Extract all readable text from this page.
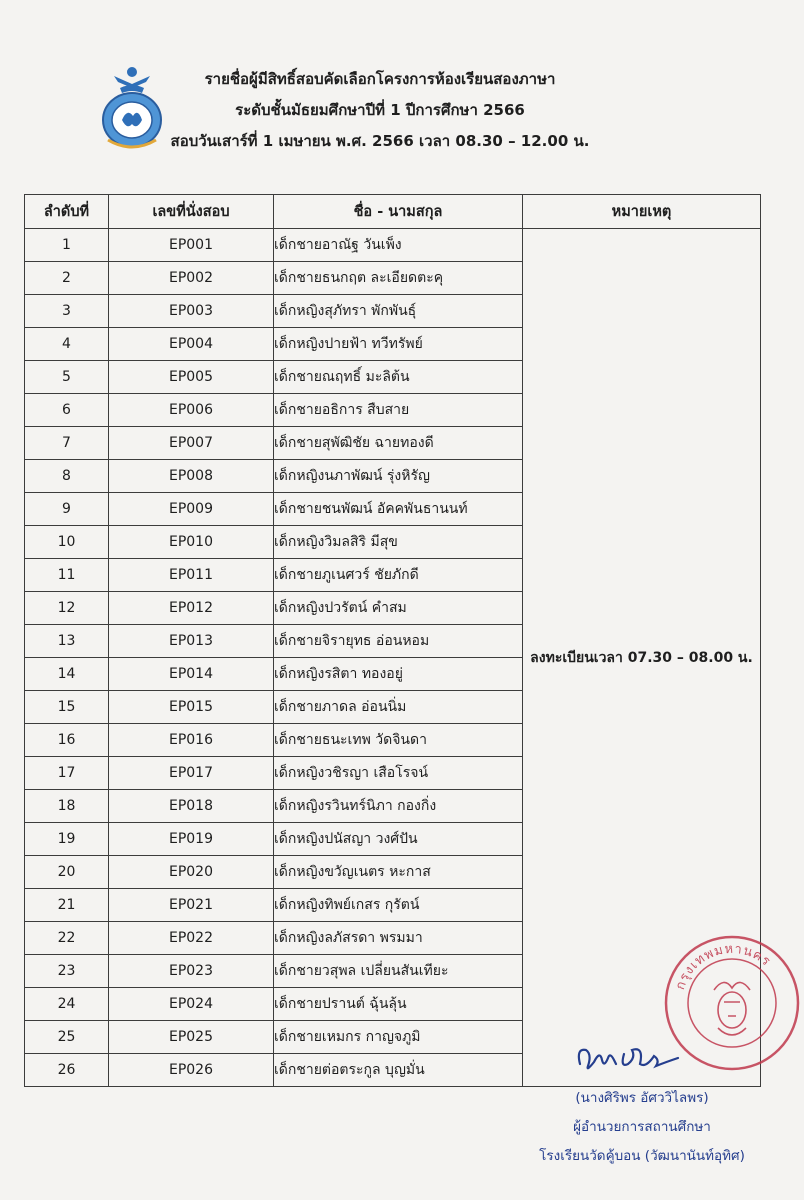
รายชื่อผู้มีสิทธิ์สอบคัดเลือกโครงการห้องเรียนสองภาษา
ระดับชั้นมัธยมศึกษาปีที่ 1 ปีการศึกษา 2566
สอบวันเสาร์ที่ 1 เมษายน พ.ศ. 2566 เวลา 08.30 – 12.00 น.
ลำดับที่	เลขที่นั่งสอบ	ชื่อ - นามสกุล	หมายเหตุ
1	EP001	เด็กชายอาณัฐ วันเพ็ง	ลงทะเบียนเวลา 07.30 – 08.00 น.
2	EP002	เด็กชายธนกฤต ละเอียดตะคุ	
3	EP003	เด็กหญิงสุภัทรา พักพันธุ์	
4	EP004	เด็กหญิงปายฟ้า ทวีทรัพย์	
5	EP005	เด็กชายณฤทธิ์ มะลิต้น	
6	EP006	เด็กชายอธิการ สืบสาย	
7	EP007	เด็กชายสุพัฒิชัย ฉายทองดี	
8	EP008	เด็กหญิงนภาพัฒน์ รุ่งหิรัญ	
9	EP009	เด็กชายชนพัฒน์ อัคคพันธานนท์	
10	EP010	เด็กหญิงวิมลสิริ มีสุข	
11	EP011	เด็กชายภูเนศวร์ ชัยภักดี	
12	EP012	เด็กหญิงปวรัตน์ คำสม	
13	EP013	เด็กชายจิรายุทธ อ่อนหอม	
14	EP014	เด็กหญิงรสิตา ทองอยู่	
15	EP015	เด็กชายภาดล อ่อนนิ่ม	
16	EP016	เด็กชายธนะเทพ วัดจินดา	
17	EP017	เด็กหญิงวชิรญา เสือโรจน์	
18	EP018	เด็กหญิงรวินทร์นิภา กองกิ่ง	
19	EP019	เด็กหญิงปนัสญา วงศ์ปัน	
20	EP020	เด็กหญิงขวัญเนตร หะกาส	
21	EP021	เด็กหญิงทิพย์เกสร กุรัตน์	
22	EP022	เด็กหญิงลภัสรดา พรมมา	
23	EP023	เด็กชายวสุพล เปลี่ยนสันเทียะ	
24	EP024	เด็กชายปรานต์ ฉุ้นลุ้น	
25	EP025	เด็กชายเหมกร กาญจภูมิ	
26	EP026	เด็กชายต่อตระกูล บุญมั่น	
กรุงเทพมหานคร
(นางศิริพร อัศววิไลพร)
ผู้อำนวยการสถานศึกษา
โรงเรียนวัดคู้บอน (วัฒนานันท์อุทิศ)
